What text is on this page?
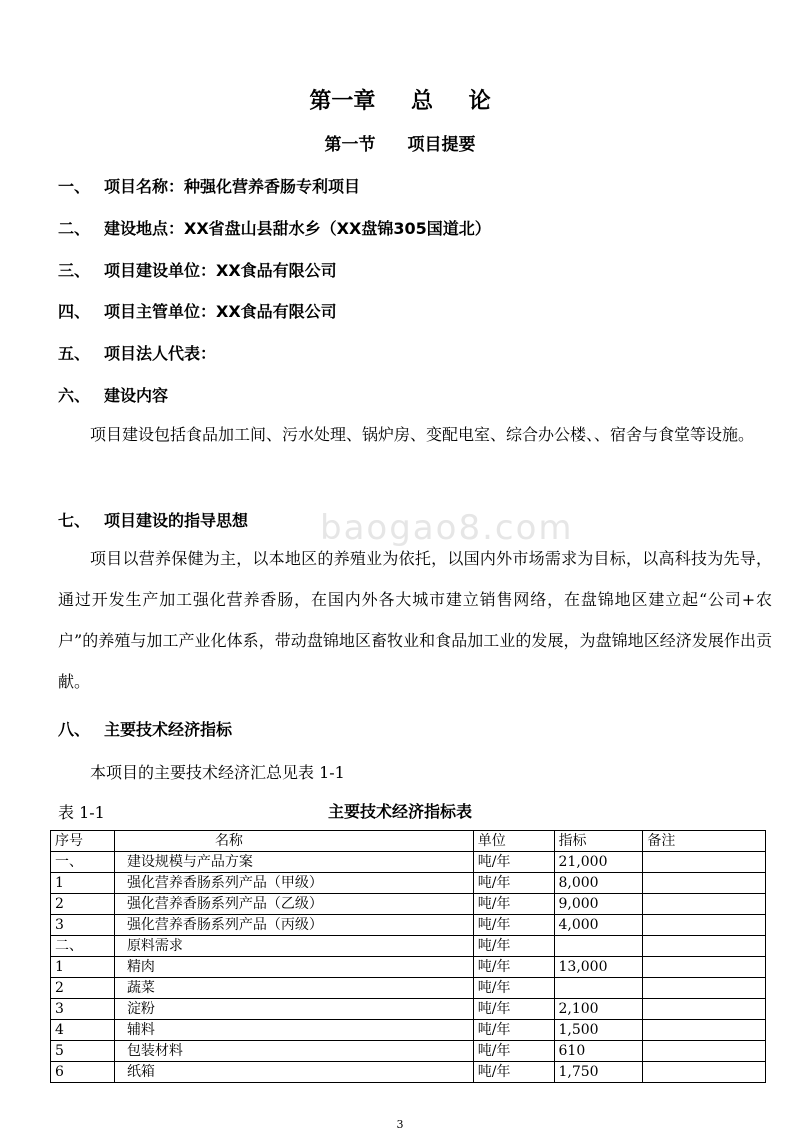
baogao8.com
第一章 总 论
第一节 项目提要
一、 项目名称：种强化营养香肠专利项目
二、 建设地点：XX省盘山县甜水乡（XX盘锦305国道北）
三、 项目建设单位：XX食品有限公司
四、 项目主管单位：XX食品有限公司
五、 项目法人代表：
六、 建设内容
项目建设包括食品加工间、污水处理、锅炉房、变配电室、综合办公楼、、宿舍与食堂等设施。
七、 项目建设的指导思想
项目以营养保健为主，以本地区的养殖业为依托，以国内外市场需求为目标，以高科技为先导，通过开发生产加工强化营养香肠，在国内外各大城市建立销售网络，在盘锦地区建立起“公司+农户”的养殖与加工产业化体系，带动盘锦地区畜牧业和食品加工业的发展，为盘锦地区经济发展作出贡献。
八、 主要技术经济指标
本项目的主要技术经济汇总见表 1-1
表 1-1	主要技术经济指标表
序号	名称	单位	指标	备注
一、	建设规模与产品方案	吨/年	21,000	
1	强化营养香肠系列产品（甲级）	吨/年	8,000	
2	强化营养香肠系列产品（乙级）	吨/年	9,000	
3	强化营养香肠系列产品（丙级）	吨/年	4,000	
二、	原料需求	吨/年		
1	精肉	吨/年	13,000	
2	蔬菜	吨/年		
3	淀粉	吨/年	2,100	
4	辅料	吨/年	1,500	
5	包装材料	吨/年	610	
6	纸箱	吨/年	1,750	
3
